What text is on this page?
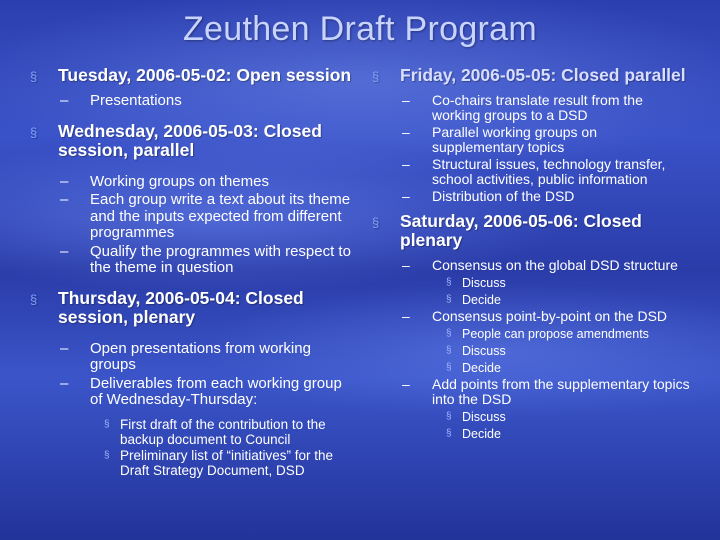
Zeuthen Draft Program
§ Tuesday, 2006-05-02: Open session
– Presentations
§ Wednesday, 2006-05-03: Closed session, parallel
– Working groups on themes
– Each group write a text about its theme and the inputs expected from different programmes
– Qualify the programmes with respect to the theme in question
§ Thursday, 2006-05-04: Closed session, plenary
– Open presentations from working groups
– Deliverables from each working group of Wednesday-Thursday:
§ First draft of the contribution to the backup document to Council
§ Preliminary list of “initiatives” for the Draft Strategy Document, DSD
§ Friday, 2006-05-05: Closed parallel
– Co-chairs translate result from the working groups to a DSD
– Parallel working groups on supplementary topics
– Structural issues, technology transfer, school activities, public information
– Distribution of the DSD
§ Saturday, 2006-05-06: Closed plenary
– Consensus on the global DSD structure
§ Discuss
§ Decide
– Consensus point-by-point on the DSD
§ People can propose amendments
§ Discuss
§ Decide
– Add points from the supplementary topics into the DSD
§ Discuss
§ Decide
